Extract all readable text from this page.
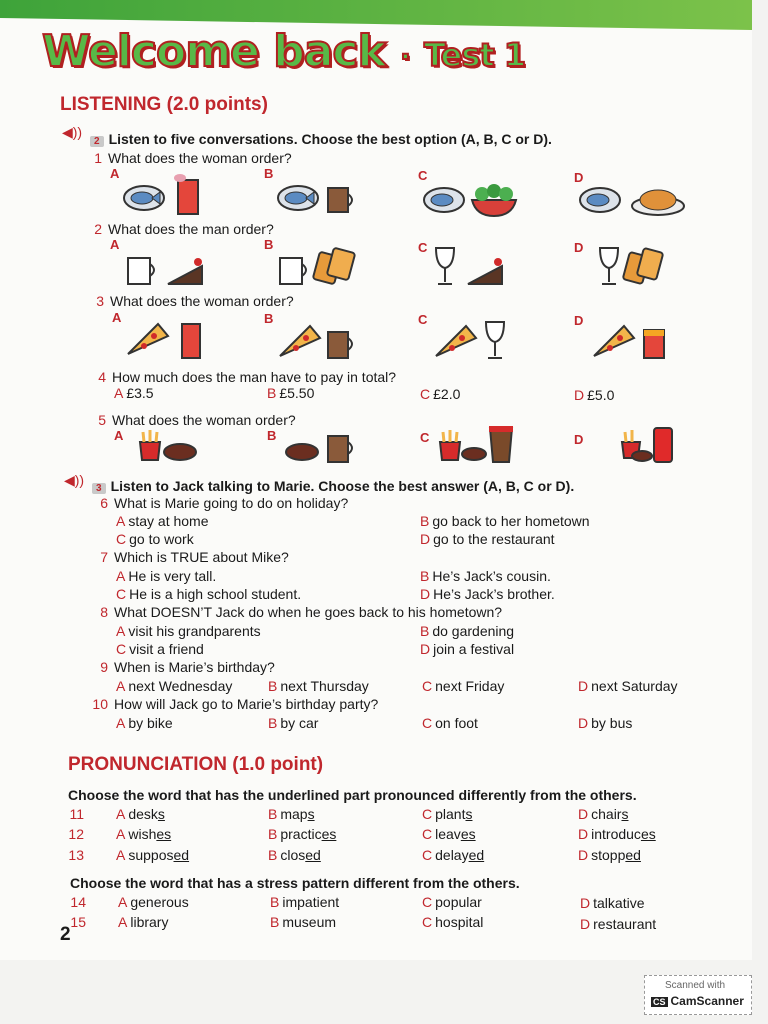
Welcome back · Test 1
LISTENING (2.0 points)
◀))
2 Listen to five conversations. Choose the best option (A, B, C or D).
1 What does the woman order?
A	B	C	D
2 What does the man order?
A	B	C	D
3 What does the woman order?
A	B	C	D
4 How much does the man have to pay in total?
A £3.5	B £5.50	C £2.0	D £5.0
5 What does the woman order?
A	B	C	D
◀))
3 Listen to Jack talking to Marie. Choose the best answer (A, B, C or D).
6 What is Marie going to do on holiday?
A stay at home	B go back to her hometown
C go to work	D go to the restaurant
7 Which is TRUE about Mike?
A He is very tall.	B He’s Jack’s cousin.
C He is a high school student.	D He’s Jack’s brother.
8 What DOESN’T Jack do when he goes back to his hometown?
A visit his grandparents	B do gardening
C visit a friend	D join a festival
9 When is Marie’s birthday?
A next Wednesday	B next Thursday	C next Friday	D next Saturday
10 How will Jack go to Marie’s birthday party?
A by bike	B by car	C on foot	D by bus
PRONUNCIATION (1.0 point)
Choose the word that has the underlined part pronounced differently from the others.
11	A desks	B maps	C plants	D chairs
12	A wishes	B practices	C leaves	D introduces
13	A supposed	B closed	C delayed	D stopped
Choose the word that has a stress pattern different from the others.
14	A generous	B impatient	C popular	D talkative
15	A library	B museum	C hospital	D restaurant
2
Scanned with
CS CamScanner
